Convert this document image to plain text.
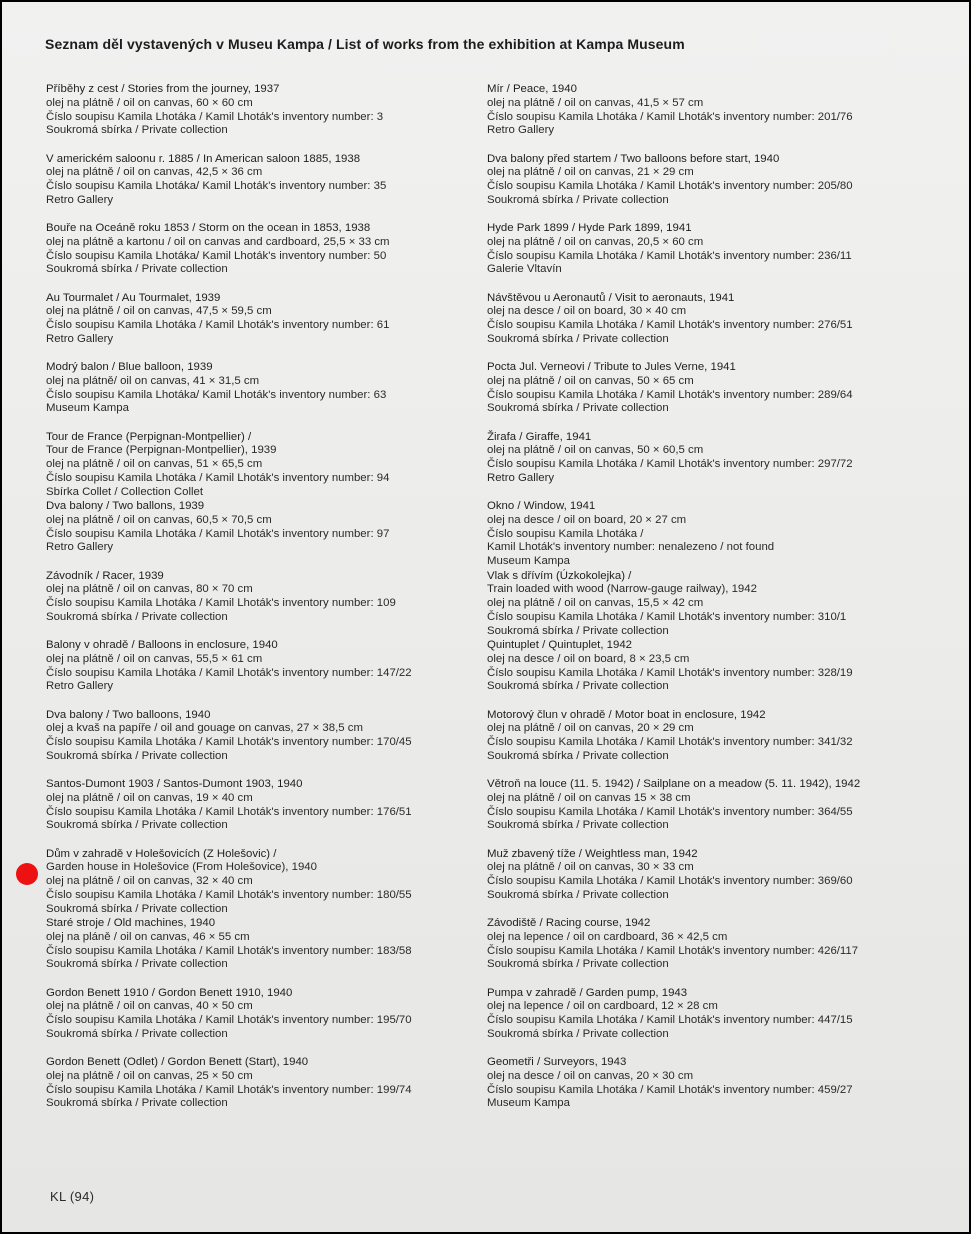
Seznam děl vystavených v Museu Kampa / List of works from the exhibition at Kampa Museum
Příběhy z cest / Stories from the journey, 1937
olej na plátně / oil on canvas, 60 × 60 cm
Číslo soupisu Kamila Lhotáka / Kamil Lhoták's inventory number: 3
Soukromá sbírka / Private collection
V americkém saloonu r. 1885 / In American saloon 1885, 1938
olej na plátně / oil on canvas, 42,5 × 36 cm
Číslo soupisu Kamila Lhotáka/ Kamil Lhoták's inventory number: 35
Retro Gallery
Bouře na Oceáně roku 1853 / Storm on the ocean in 1853, 1938
olej na plátně a kartonu / oil on canvas and cardboard, 25,5 × 33 cm
Číslo soupisu Kamila Lhotáka/ Kamil Lhoták's inventory number: 50
Soukromá sbírka / Private collection
Au Tourmalet / Au Tourmalet, 1939
olej na plátně / oil on canvas, 47,5 × 59,5 cm
Číslo soupisu Kamila Lhotáka / Kamil Lhoták's inventory number: 61
Retro Gallery
Modrý balon / Blue balloon, 1939
olej na plátně/ oil on canvas, 41 × 31,5 cm
Číslo soupisu Kamila Lhotáka/ Kamil Lhoták's inventory number: 63
Museum Kampa
Tour de France (Perpignan-Montpellier) /
Tour de France (Perpignan-Montpellier), 1939
olej na plátně / oil on canvas, 51 × 65,5 cm
Číslo soupisu Kamila Lhotáka / Kamil Lhoták's inventory number: 94
Sbírka Collet / Collection Collet
Dva balony / Two ballons, 1939
olej na plátně / oil on canvas, 60,5 × 70,5 cm
Číslo soupisu Kamila Lhotáka / Kamil Lhoták's inventory number: 97
Retro Gallery
Závodník / Racer, 1939
olej na plátně / oil on canvas, 80 × 70 cm
Číslo soupisu Kamila Lhotáka / Kamil Lhoták's inventory number: 109
Soukromá sbírka / Private collection
Balony v ohradě / Balloons in enclosure, 1940
olej na plátně / oil on canvas, 55,5 × 61 cm
Číslo soupisu Kamila Lhotáka / Kamil Lhoták's inventory number: 147/22
Retro Gallery
Dva balony / Two balloons, 1940
olej a kvaš na papíře / oil and gouage on canvas, 27 × 38,5 cm
Číslo soupisu Kamila Lhotáka / Kamil Lhoták's inventory number: 170/45
Soukromá sbírka / Private collection
Santos-Dumont 1903 / Santos-Dumont 1903, 1940
olej na plátně / oil on canvas, 19 × 40 cm
Číslo soupisu Kamila Lhotáka / Kamil Lhoták's inventory number: 176/51
Soukromá sbírka / Private collection
Dům v zahradě v Holešovicích (Z Holešovic) /
Garden house in Holešovice (From Holešovice), 1940
olej na plátně / oil on canvas, 32 × 40 cm
Číslo soupisu Kamila Lhotáka / Kamil Lhoták's inventory number: 180/55
Soukromá sbírka / Private collection
Staré stroje / Old machines, 1940
olej na pláně / oil on canvas, 46 × 55 cm
Číslo soupisu Kamila Lhotáka / Kamil Lhoták's inventory number: 183/58
Soukromá sbírka / Private collection
Gordon Benett 1910 / Gordon Benett 1910, 1940
olej na plátně / oil on canvas, 40 × 50 cm
Číslo soupisu Kamila Lhotáka / Kamil Lhoták's inventory number: 195/70
Soukromá sbírka / Private collection
Gordon Benett (Odlet) / Gordon Benett (Start), 1940
olej na plátně / oil on canvas, 25 × 50 cm
Číslo soupisu Kamila Lhotáka / Kamil Lhoták's inventory number: 199/74
Soukromá sbírka / Private collection
Mír / Peace, 1940
olej na plátně / oil on canvas, 41,5 × 57 cm
Číslo soupisu Kamila Lhotáka / Kamil Lhoták's inventory number: 201/76
Retro Gallery
Dva balony před startem / Two balloons before start, 1940
olej na plátně / oil on canvas, 21 × 29 cm
Číslo soupisu Kamila Lhotáka / Kamil Lhoták's inventory number: 205/80
Soukromá sbírka / Private collection
Hyde Park 1899 / Hyde Park 1899, 1941
olej na plátně / oil on canvas, 20,5 × 60 cm
Číslo soupisu Kamila Lhotáka / Kamil Lhoták's inventory number: 236/11
Galerie Vltavín
Návštěvou u Aeronautů / Visit to aeronauts, 1941
olej na desce / oil on board, 30 × 40 cm
Číslo soupisu Kamila Lhotáka / Kamil Lhoták's inventory number: 276/51
Soukromá sbírka / Private collection
Pocta Jul. Verneovi / Tribute to Jules Verne, 1941
olej na plátně / oil on canvas, 50 × 65 cm
Číslo soupisu Kamila Lhotáka / Kamil Lhoták's inventory number: 289/64
Soukromá sbírka / Private collection
Žirafa / Giraffe, 1941
olej na plátně / oil on canvas, 50 × 60,5 cm
Číslo soupisu Kamila Lhotáka / Kamil Lhoták's inventory number: 297/72
Retro Gallery
Okno / Window, 1941
olej na desce / oil on board, 20 × 27 cm
Číslo soupisu Kamila Lhotáka /
Kamil Lhoták's inventory number: nenalezeno / not found
Museum Kampa
Vlak s dřívím (Úzkokolejka) /
Train loaded with wood (Narrow-gauge railway), 1942
olej na plátně / oil on canvas, 15,5 × 42 cm
Číslo soupisu Kamila Lhotáka / Kamil Lhoták's inventory number: 310/1
Soukromá sbírka / Private collection
Quintuplet / Quintuplet, 1942
olej na desce / oil on board, 8 × 23,5 cm
Číslo soupisu Kamila Lhotáka / Kamil Lhoták's inventory number: 328/19
Soukromá sbírka / Private collection
Motorový člun v ohradě / Motor boat in enclosure, 1942
olej na plátně / oil on canvas, 20 × 29 cm
Číslo soupisu Kamila Lhotáka / Kamil Lhoták's inventory number: 341/32
Soukromá sbírka / Private collection
Větroň na louce (11. 5. 1942) / Sailplane on a meadow (5. 11. 1942), 1942
olej na plátně / oil on canvas 15 × 38 cm
Číslo soupisu Kamila Lhotáka / Kamil Lhoták's inventory number: 364/55
Soukromá sbírka / Private collection
Muž zbavený tíže / Weightless man, 1942
olej na plátně / oil on canvas, 30 × 33 cm
Číslo soupisu Kamila Lhotáka / Kamil Lhoták's inventory number: 369/60
Soukromá sbírka / Private collection
Závodiště / Racing course, 1942
olej na lepence / oil on cardboard, 36 × 42,5 cm
Číslo soupisu Kamila Lhotáka / Kamil Lhoták's inventory number: 426/117
Soukromá sbírka / Private collection
Pumpa v zahradě / Garden pump, 1943
olej na lepence / oil on cardboard, 12 × 28 cm
Číslo soupisu Kamila Lhotáka / Kamil Lhoták's inventory number: 447/15
Soukromá sbírka / Private collection
Geometři / Surveyors, 1943
olej na desce / oil on canvas, 20 × 30 cm
Číslo soupisu Kamila Lhotáka / Kamil Lhoták's inventory number: 459/27
Museum Kampa
KL (94)
